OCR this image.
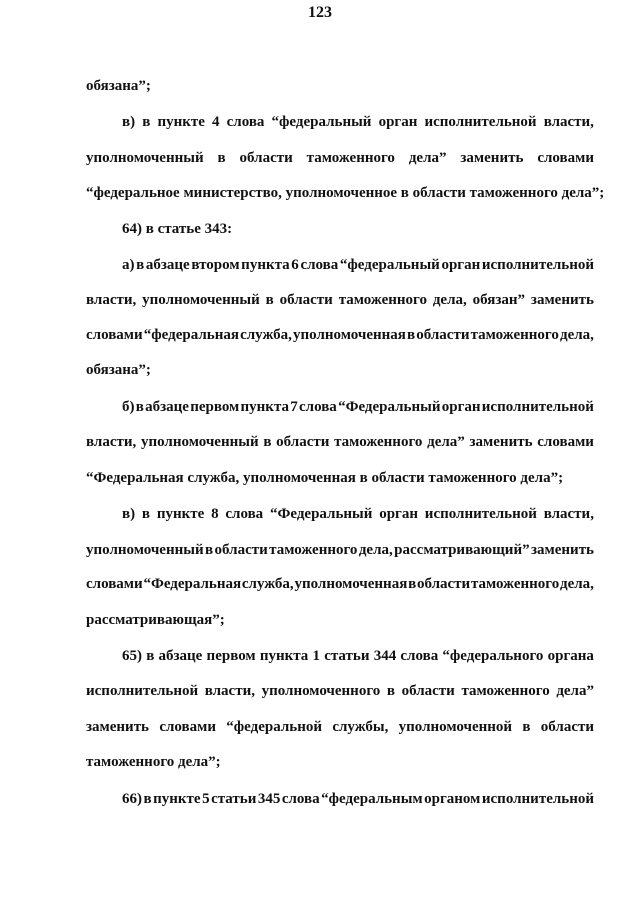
123
обязана”;
в) в пункте 4 слова “федеральный орган исполнительной власти,
уполномоченный в области таможенного дела” заменить словами
“федеральное министерство, уполномоченное в области таможенного дела”;
64) в статье 343:
а) в абзаце втором пункта 6 слова “федеральный орган исполнительной
власти, уполномоченный в области таможенного дела, обязан” заменить
словами “федеральная служба, уполномоченная в области таможенного дела,
обязана”;
б) в абзаце первом пункта 7 слова “Федеральный орган исполнительной
власти, уполномоченный в области таможенного дела” заменить словами
“Федеральная служба, уполномоченная в области таможенного дела”;
в) в пункте 8 слова “Федеральный орган исполнительной власти,
уполномоченный в области таможенного дела, рассматривающий” заменить
словами “Федеральная служба, уполномоченная в области таможенного дела,
рассматривающая”;
65) в абзаце первом пункта 1 статьи 344 слова “федерального органа
исполнительной власти, уполномоченного в области таможенного дела”
заменить словами “федеральной службы, уполномоченной в области
таможенного дела”;
66) в пункте 5 статьи 345 слова “федеральным органом исполнительной
